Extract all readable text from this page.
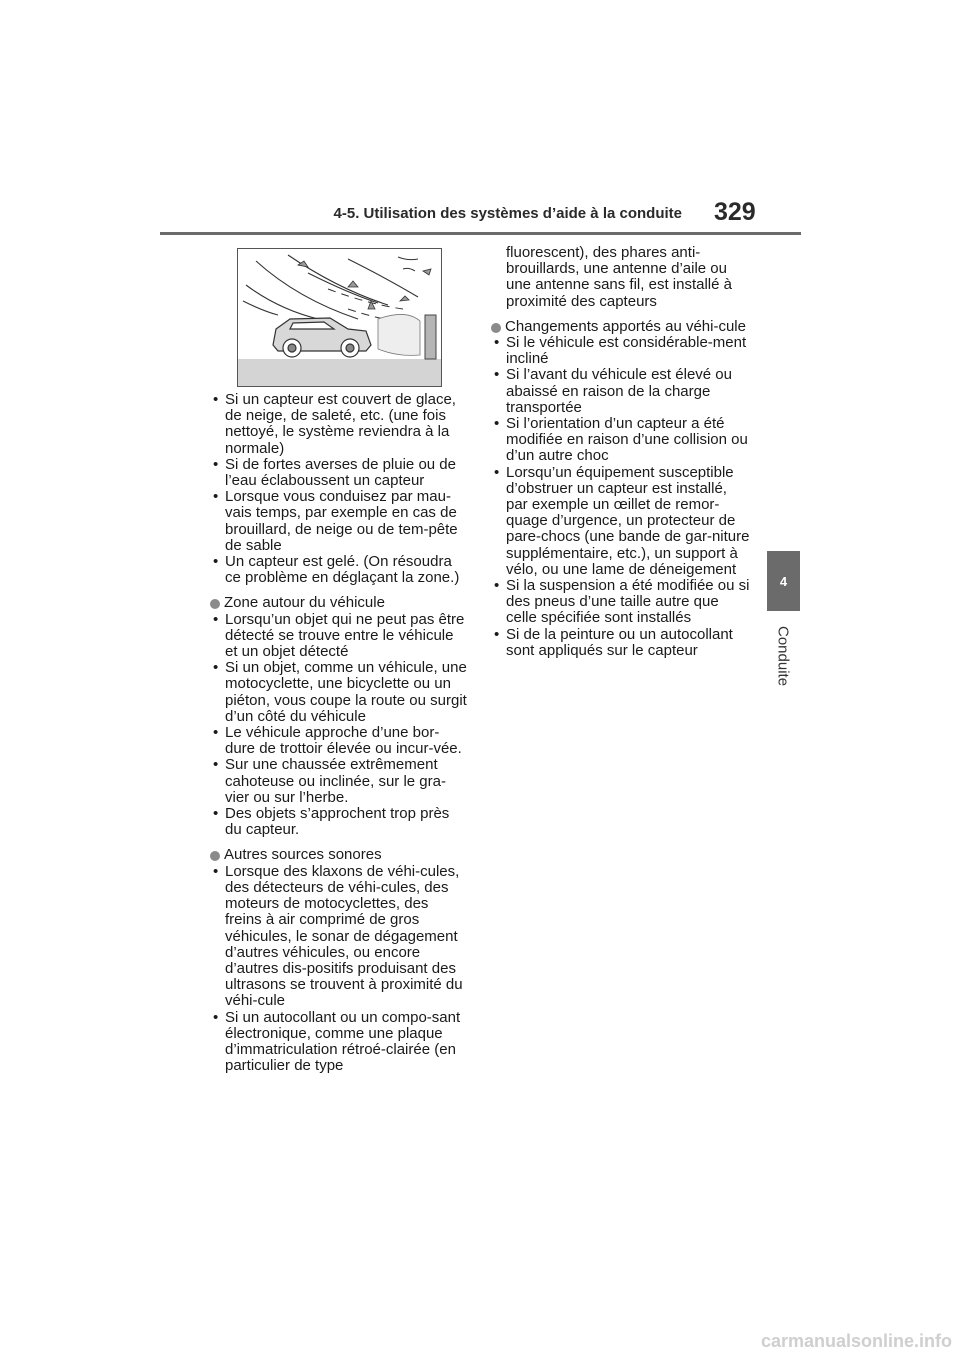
4-5. Utilisation des systèmes d’aide à la conduite 329
4
Conduite
• Si un capteur est couvert de glace, de neige, de saleté, etc. (une fois nettoyé, le système reviendra à la normale)
• Si de fortes averses de pluie ou de l’eau éclaboussent un capteur
• Lorsque vous conduisez par mau-vais temps, par exemple en cas de brouillard, de neige ou de tem-pête de sable
• Un capteur est gelé. (On résoudra ce problème en déglaçant la zone.)
Zone autour du véhicule
• Lorsqu’un objet qui ne peut pas être détecté se trouve entre le véhicule et un objet détecté
• Si un objet, comme un véhicule, une motocyclette, une bicyclette ou un piéton, vous coupe la route ou surgit d’un côté du véhicule
• Le véhicule approche d’une bor-dure de trottoir élevée ou incur-vée.
• Sur une chaussée extrêmement cahoteuse ou inclinée, sur le gra-vier ou sur l’herbe.
• Des objets s’approchent trop près du capteur.
Autres sources sonores
• Lorsque des klaxons de véhi-cules, des détecteurs de véhi-cules, des moteurs de motocyclettes, des freins à air comprimé de gros véhicules, le sonar de dégagement d’autres véhicules, ou encore d’autres dis-positifs produisant des ultrasons se trouvent à proximité du véhi-cule
• Si un autocollant ou un compo-sant électronique, comme une plaque d’immatriculation rétroé-clairée (en particulier de type
fluorescent), des phares anti-brouillards, une antenne d’aile ou une antenne sans fil, est installé à proximité des capteurs
Changements apportés au véhi-cule
• Si le véhicule est considérable-ment incliné
• Si l’avant du véhicule est élevé ou abaissé en raison de la charge transportée
• Si l’orientation d’un capteur a été modifiée en raison d’une collision ou d’un autre choc
• Lorsqu’un équipement susceptible d’obstruer un capteur est installé, par exemple un œillet de remor-quage d’urgence, un protecteur de pare-chocs (une bande de gar-niture supplémentaire, etc.), un support à vélo, ou une lame de déneigement
• Si la suspension a été modifiée ou si des pneus d’une taille autre que celle spécifiée sont installés
• Si de la peinture ou un autocollant sont appliqués sur le capteur
carmanualsonline.info
